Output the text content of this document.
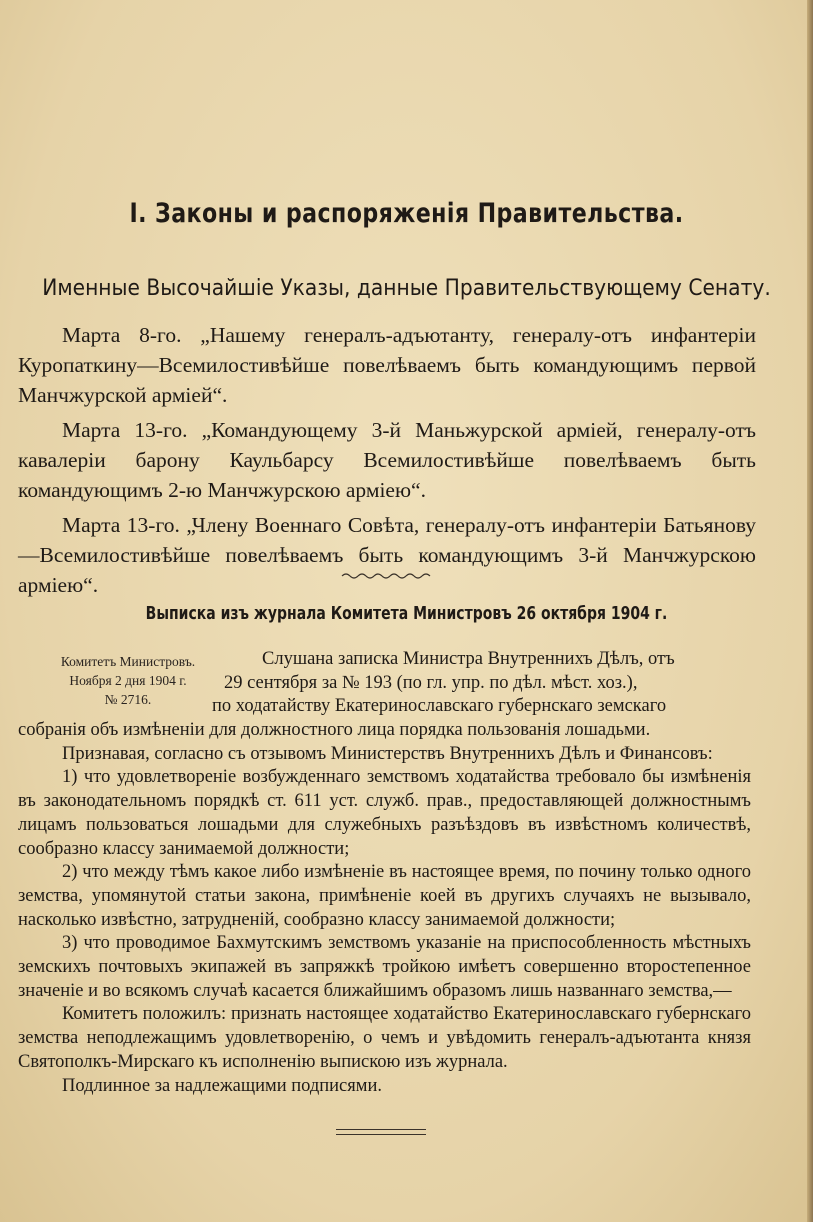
I. Законы и распоряженія Правительства.
Именные Высочайшіе Указы, данные Правительствующему Сенату.

Марта 8-го. „Нашему генералъ-адъютанту, генералу-отъ инфантеріи Куропаткину—Всемилостивѣйше повелѣваемъ быть командующимъ первой Манчжурской арміей“.

Марта 13-го. „Командующему 3-й Маньжурской арміей, генералу-отъ кавалеріи барону Каульбарсу Всемилостивѣйше повелѣваемъ быть командующимъ 2-ю Манчжурскою арміею“.

Марта 13-го. „Члену Военнаго Совѣта, генералу-отъ инфантеріи Батьянову—Всемилостивѣйше повелѣваемъ быть командующимъ 3-й Манчжурскою арміею“.

Выписка изъ журнала Комитета Министровъ 26 октября 1904 г.
Комитетъ Министровъ.
Ноября 2 дня 1904 г.
№ 2716.
Слушана записка Министра Внутреннихъ Дѣлъ, отъ
29 сентября за № 193 (по гл. упр. по дѣл. мѣст. хоз.),
по ходатайству Екатеринославскаго губернскаго земскаго

собранія объ измѣненіи для должностного лица порядка пользованія лошадьми.

Признавая, согласно съ отзывомъ Министерствъ Внутреннихъ Дѣлъ и Финансовъ:

1) что удовлетвореніе возбужденнаго земствомъ ходатайства требовало бы измѣненія въ законодательномъ порядкѣ ст. 611 уст. служб. прав., предоставляющей должностнымъ лицамъ пользоваться лошадьми для служебныхъ разъѣздовъ въ извѣстномъ количествѣ, сообразно классу занимаемой должности;

2) что между тѣмъ какое либо измѣненіе въ настоящее время, по почину только одного земства, упомянутой статьи закона, примѣненіе коей въ другихъ случаяхъ не вызывало, насколько извѣстно, затрудненій, сообразно классу занимаемой должности;

3) что проводимое Бахмутскимъ земствомъ указаніе на приспособленность мѣстныхъ земскихъ почтовыхъ экипажей въ запряжкѣ тройкою имѣетъ совершенно второстепенное значеніе и во всякомъ случаѣ касается ближайшимъ образомъ лишь названнаго земства,—

Комитетъ положилъ: признать настоящее ходатайство Екатеринославскаго губернскаго земства неподлежащимъ удовлетворенію, о чемъ и увѣдомить генералъ-адъютанта князя Святополкъ-Мирскаго къ исполненію выпискою изъ журнала.

Подлинное за надлежащими подписями.
